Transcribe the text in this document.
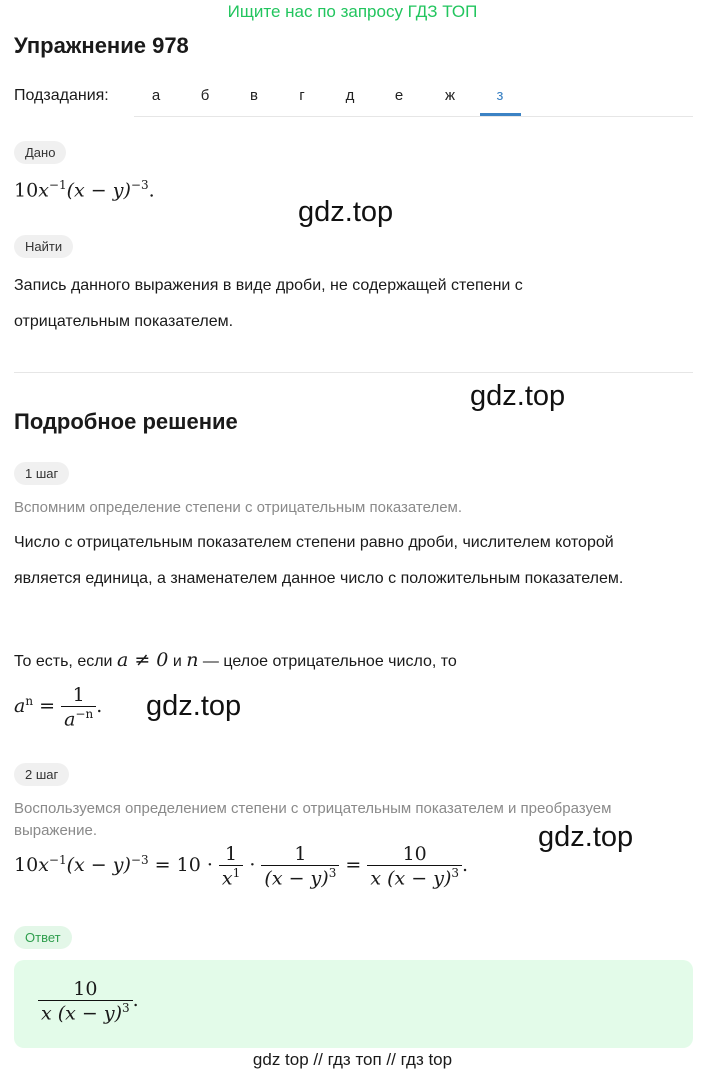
Ищите нас по запросу ГДЗ ТОП
Упражнение 978
Подзадания:	а	б	в	г	д	е	ж	з
Дано
$10x^{-1}(x - y)^{-3}$.
gdz.top
Найти
Запись данного выражения в виде дроби, не содержащей степени с отрицательным показателем.
gdz.top
Подробное решение
1 шаг
Вспомним определение степени с отрицательным показателем.
Число с отрицательным показателем степени равно дроби, числителем которой является единица, а знаменателем данное число с положительным показателем.
То есть, если a ≠ 0 и n — целое отрицательное число, то
$a^n = \frac{1}{a^{-n}}$ . gdz.top
2 шаг
Воспользуемся определением степени с отрицательным показателем и преобразуем выражение.	gdz.top
$10x^{-1}(x - y)^{-3} = 10 \cdot \frac{1}{x^1} \cdot \frac{1}{(x - y)^3} = \frac{10}{x (x - y)^3}$ .
Ответ
$\frac{10}{x (x - y)^3}$ .
gdz top // гдз топ // гдз top
